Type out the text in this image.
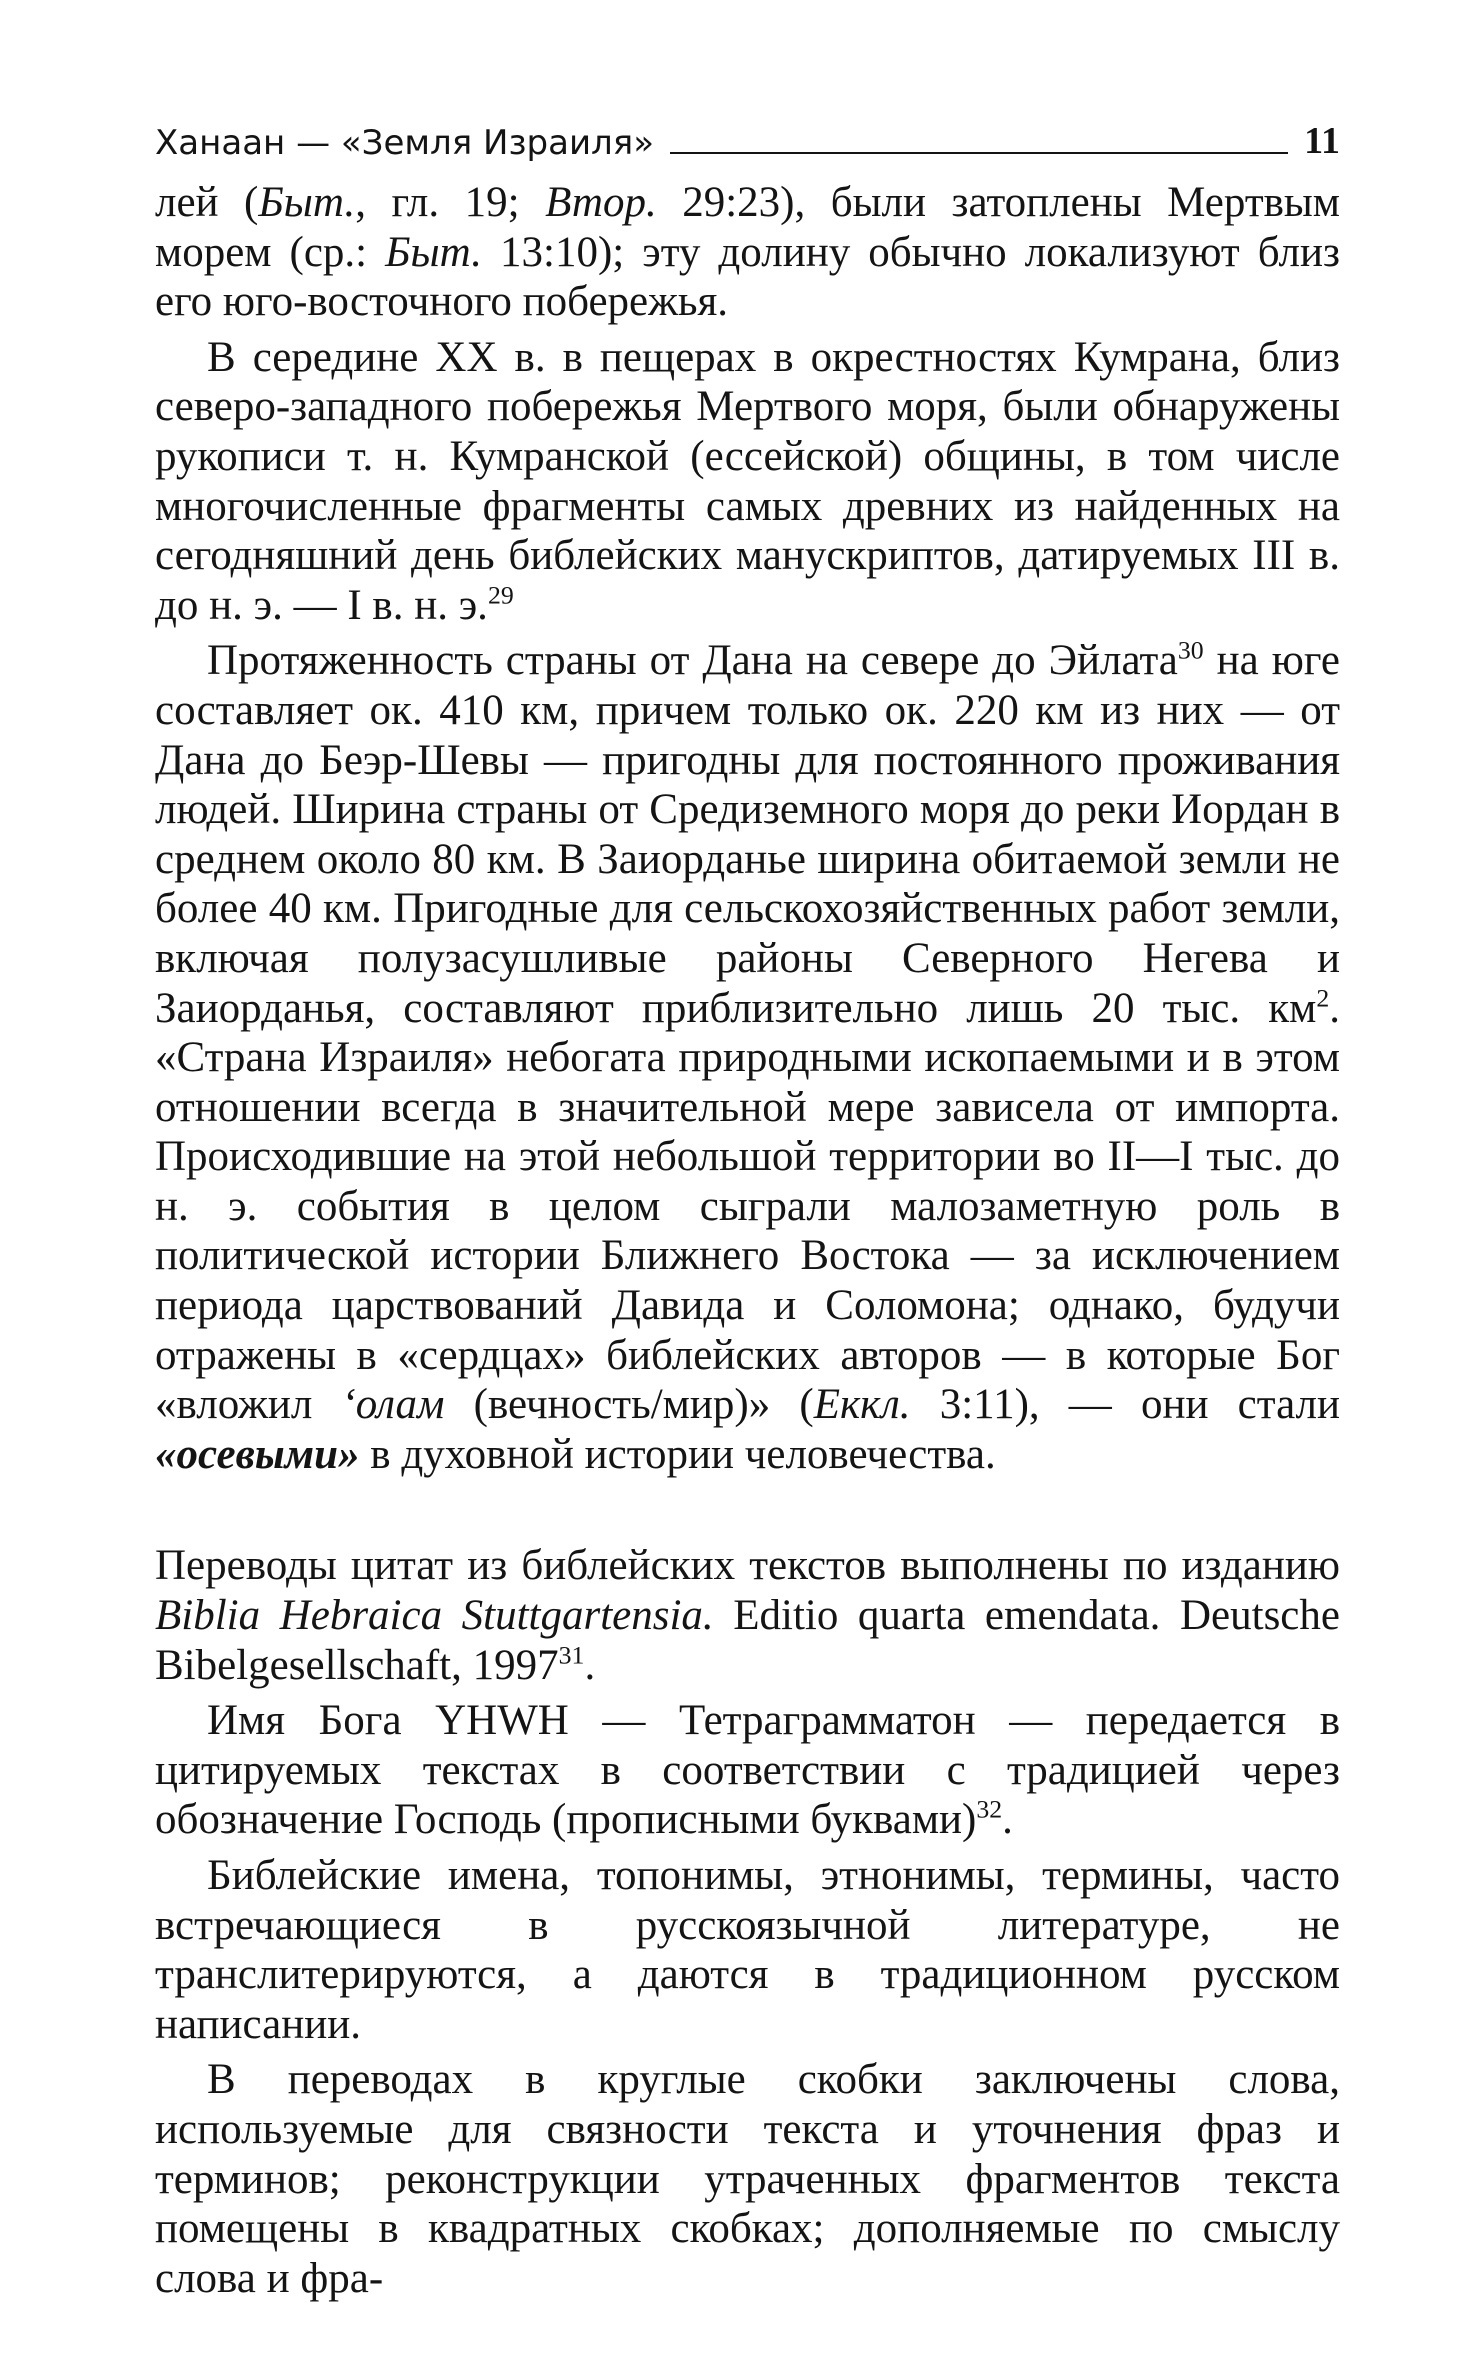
Ханаан — «Земля Израиля»	11

лей (Быт., гл. 19; Втор. 29:23), были затоплены Мертвым морем (ср.: Быт. 13:10); эту долину обычно локализуют близ его юго-восточного побережья.

В середине XX в. в пещерах в окрестностях Кумрана, близ северо-западного побережья Мертвого моря, были обнаружены рукописи т. н. Кумранской (ессейской) общины, в том числе многочисленные фрагменты самых древних из найденных на сегодняшний день библейских манускриптов, датируемых III в. до н. э. — I в. н. э.$^{29}$

Протяженность страны от Дана на севере до Эйлата$^{30}$ на юге составляет ок. 410 км, причем только ок. 220 км из них — от Дана до Беэр-Шевы — пригодны для постоянного проживания людей. Ширина страны от Средиземного моря до реки Иордан в среднем около 80 км. В Заиорданье ширина обитаемой земли не более 40 км. Пригодные для сельскохозяйственных работ земли, включая полузасушливые районы Северного Негева и Заиорданья, составляют приблизительно лишь 20 тыс. $км^2$. «Страна Израиля» небогата природными ископаемыми и в этом отношении всегда в значительной мере зависела от импорта. Происходившие на этой небольшой территории во II—I тыс. до н. э. события в целом сыграли малозаметную роль в политической истории Ближнего Востока — за исключением периода царствований Давида и Соломона; однако, будучи отражены в «сердцах» библейских авторов — в которые Бог «вложил ‘олам (вечность/мир)» (Еккл. 3:11), — они стали «осевыми» в духовной истории человечества.

Переводы цитат из библейских текстов выполнены по изданию Biblia Hebraica Stuttgartensia. Editio quarta emendata. Deutsche Bibelgesellschaft, 1997$^{31}$.

Имя Бога YHWH — Тетраграмматон — передается в цитируемых текстах в соответствии с традицией через обозначение Господь (прописными буквами)$^{32}$.

Библейские имена, топонимы, этнонимы, термины, часто встречающиеся в русскоязычной литературе, не транслитерируются, а даются в традиционном русском написании.

В переводах в круглые скобки заключены слова, используемые для связности текста и уточнения фраз и терминов; реконструкции утраченных фрагментов текста помещены в квадратных скобках; дополняемые по смыслу слова и фра-
